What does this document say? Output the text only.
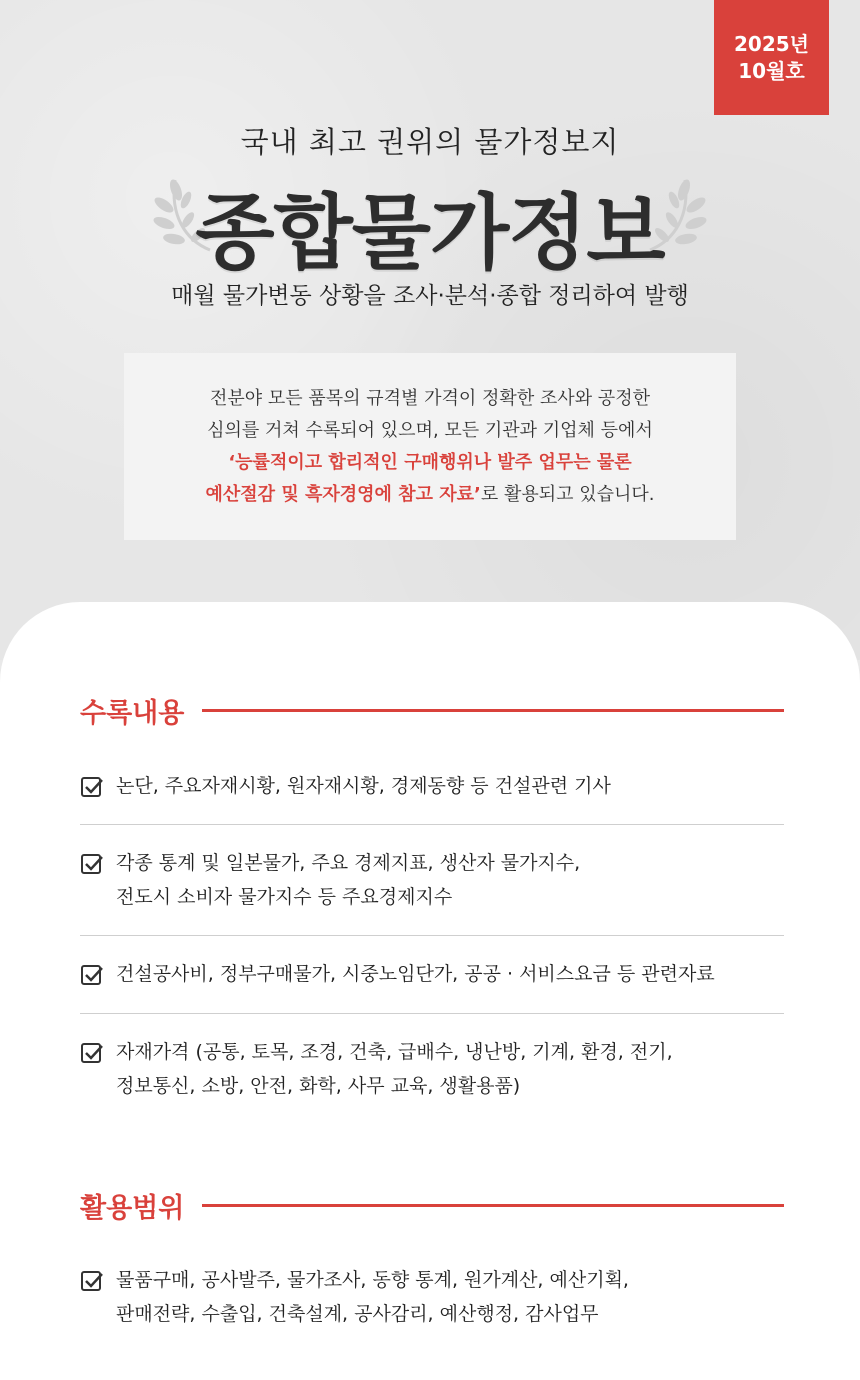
2025년
10월호
국내 최고 권위의 물가정보지
종합물가정보
매월 물가변동 상황을 조사·분석·종합 정리하여 발행
전분야 모든 품목의 규격별 가격이 정확한 조사와 공정한
심의를 거쳐 수록되어 있으며, 모든 기관과 기업체 등에서
‘능률적이고 합리적인 구매행위나 발주 업무는 물론
예산절감 및 흑자경영에 참고 자료’로 활용되고 있습니다.
수록내용
논단, 주요자재시황, 원자재시황, 경제동향 등 건설관련 기사
각종 통계 및 일본물가, 주요 경제지표, 생산자 물가지수,
전도시 소비자 물가지수 등 주요경제지수
건설공사비, 정부구매물가, 시중노임단가, 공공 · 서비스요금 등 관련자료
자재가격 (공통, 토목, 조경, 건축, 급배수, 냉난방, 기계, 환경, 전기,
정보통신, 소방, 안전, 화학, 사무 교육, 생활용품)
활용범위
물품구매, 공사발주, 물가조사, 동향 통계, 원가계산, 예산기획,
판매전략, 수출입, 건축설계, 공사감리, 예산행정, 감사업무
